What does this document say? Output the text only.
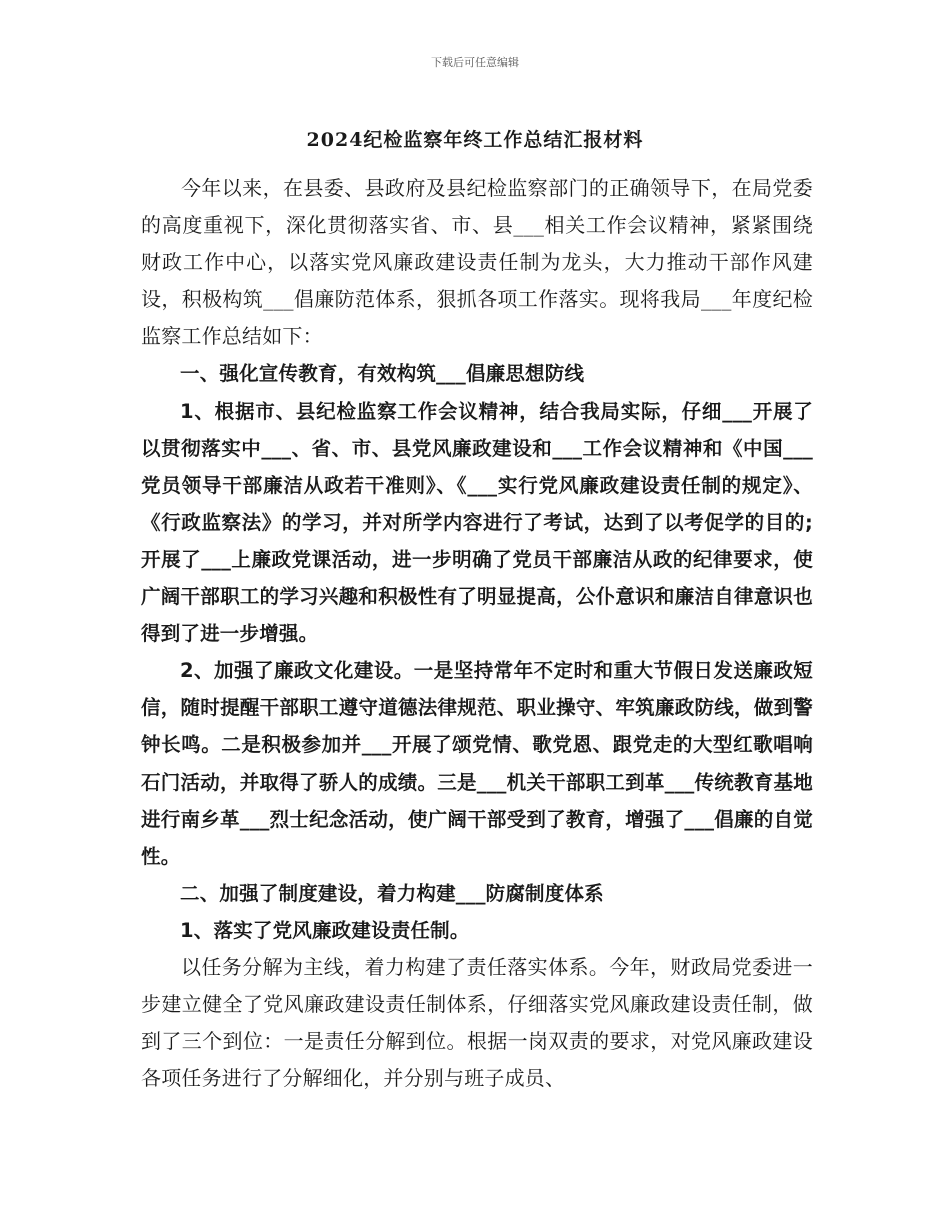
下载后可任意编辑
2024纪检监察年终工作总结汇报材料

今年以来，在县委、县政府及县纪检监察部门的正确领导下，在局党委的高度重视下，深化贯彻落实省、市、县___相关工作会议精神，紧紧围绕财政工作中心，以落实党风廉政建设责任制为龙头，大力推动干部作风建设，积极构筑___倡廉防范体系，狠抓各项工作落实。现将我局___年度纪检监察工作总结如下：

一、强化宣传教育，有效构筑___倡廉思想防线

1、根据市、县纪检监察工作会议精神，结合我局实际，仔细___开展了以贯彻落实中___、省、市、县党风廉政建设和___工作会议精神和《中国___党员领导干部廉洁从政若干准则》、《___实行党风廉政建设责任制的规定》、《行政监察法》的学习，并对所学内容进行了考试，达到了以考促学的目的;开展了___上廉政党课活动，进一步明确了党员干部廉洁从政的纪律要求，使广阔干部职工的学习兴趣和积极性有了明显提高，公仆意识和廉洁自律意识也得到了进一步增强。

2、加强了廉政文化建设。一是坚持常年不定时和重大节假日发送廉政短信，随时提醒干部职工遵守道德法律规范、职业操守、牢筑廉政防线，做到警钟长鸣。二是积极参加并___开展了颂党情、歌党恩、跟党走的大型红歌唱响石门活动，并取得了骄人的成绩。三是___机关干部职工到革___传统教育基地进行南乡革___烈士纪念活动，使广阔干部受到了教育，增强了___倡廉的自觉性。

二、加强了制度建设，着力构建___防腐制度体系

1、落实了党风廉政建设责任制。

以任务分解为主线，着力构建了责任落实体系。今年，财政局党委进一步建立健全了党风廉政建设责任制体系，仔细落实党风廉政建设责任制，做到了三个到位：一是责任分解到位。根据一岗双责的要求，对党风廉政建设各项任务进行了分解细化，并分别与班子成员、
